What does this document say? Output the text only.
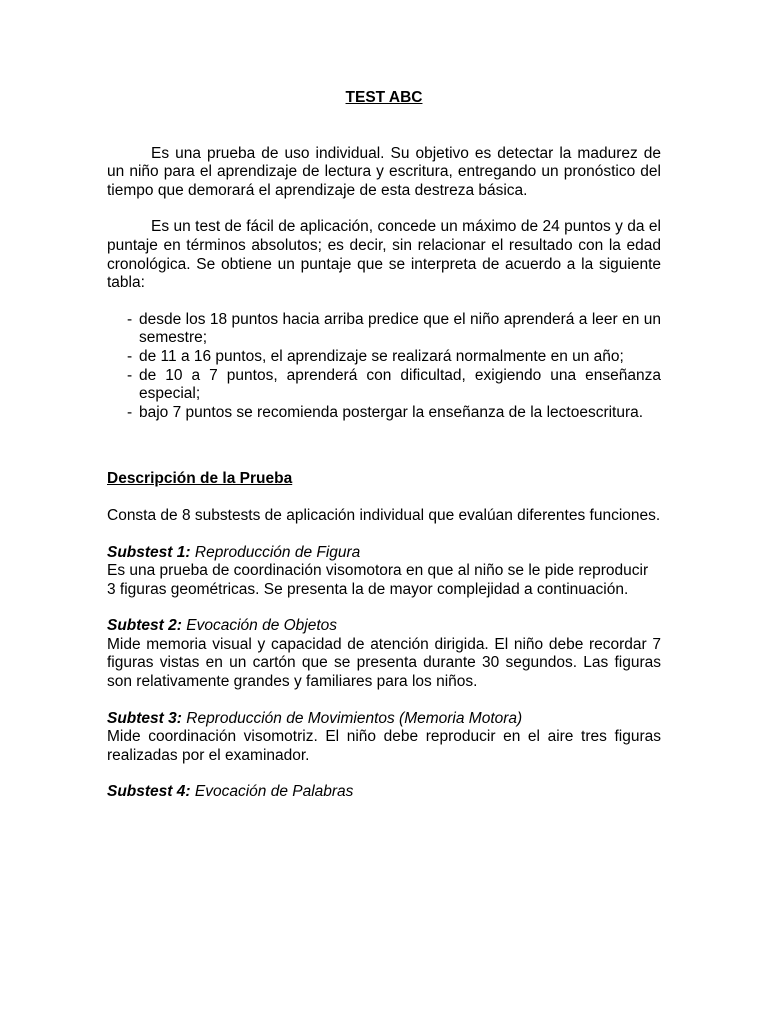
TEST ABC

Es una prueba de uso individual. Su objetivo es detectar la madurez de un niño para el aprendizaje de lectura y escritura, entregando un pronóstico del tiempo que demorará el aprendizaje de esta destreza básica.

Es un test de fácil de aplicación, concede un máximo de 24 puntos y da el puntaje en términos absolutos; es decir, sin relacionar el resultado con la edad cronológica. Se obtiene un puntaje que se interpreta de acuerdo a la siguiente tabla:

- desde los 18 puntos hacia arriba predice que el niño aprenderá a leer en un semestre;
- de 11 a 16 puntos, el aprendizaje se realizará normalmente en un año;
- de 10 a 7 puntos, aprenderá con dificultad, exigiendo una enseñanza especial;
- bajo 7 puntos se recomienda postergar la enseñanza de la lectoescritura.
Descripción de la Prueba

Consta de 8 substests de aplicación individual que evalúan diferentes funciones.

Substest 1: Reproducción de Figura

Es una prueba de coordinación visomotora en que al niño se le pide reproducir

3 figuras geométricas. Se presenta la de mayor complejidad a continuación.

Subtest 2: Evocación de Objetos

Mide memoria visual y capacidad de atención dirigida. El niño debe recordar 7 figuras vistas en un cartón que se presenta durante 30 segundos. Las figuras son relativamente grandes y familiares para los niños.

Subtest 3: Reproducción de Movimientos (Memoria Motora)

Mide coordinación visomotriz. El niño debe reproducir en el aire tres figuras realizadas por el examinador.

Substest 4: Evocación de Palabras
